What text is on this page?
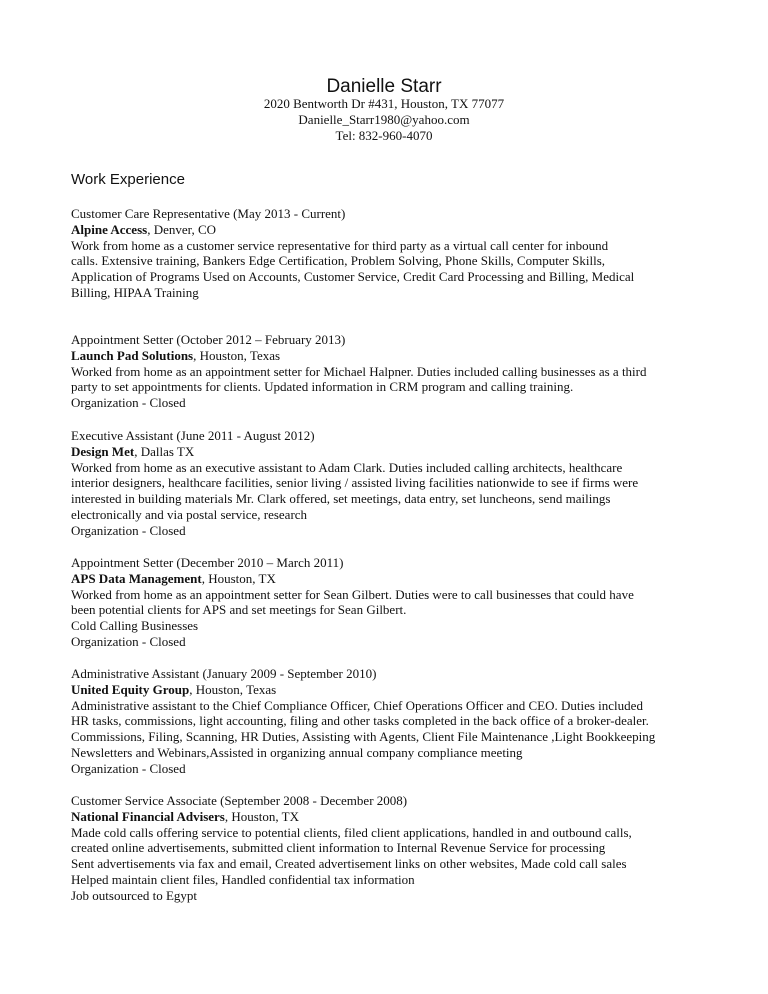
Danielle Starr
2020 Bentworth Dr #431, Houston, TX 77077
Danielle_Starr1980@yahoo.com
Tel: 832-960-4070
Work Experience
Customer Care Representative (May 2013 - Current)
Alpine Access, Denver, CO
Work from home as a customer service representative for third party as a virtual call center for inbound
calls. Extensive training, Bankers Edge Certification, Problem Solving, Phone Skills, Computer Skills,
Application of Programs Used on Accounts, Customer Service, Credit Card Processing and Billing, Medical
Billing, HIPAA Training
Appointment Setter (October 2012 – February 2013)
Launch Pad Solutions, Houston, Texas
Worked from home as an appointment setter for Michael Halpner. Duties included calling businesses as a third
party to set appointments for clients. Updated information in CRM program and calling training.
Organization - Closed
Executive Assistant (June 2011 - August 2012)
Design Met, Dallas TX
Worked from home as an executive assistant to Adam Clark. Duties included calling architects, healthcare
interior designers, healthcare facilities, senior living / assisted living facilities nationwide to see if firms were
interested in building materials Mr. Clark offered, set meetings, data entry, set luncheons, send mailings
electronically and via postal service, research
Organization - Closed
Appointment Setter (December 2010 – March 2011)
APS Data Management, Houston, TX
Worked from home as an appointment setter for Sean Gilbert. Duties were to call businesses that could have
been potential clients for APS and set meetings for Sean Gilbert.
Cold Calling Businesses
Organization - Closed
Administrative Assistant (January 2009 - September 2010)
United Equity Group, Houston, Texas
Administrative assistant to the Chief Compliance Officer, Chief Operations Officer and CEO. Duties included
HR tasks, commissions, light accounting, filing and other tasks completed in the back office of a broker-dealer.
Commissions, Filing, Scanning, HR Duties, Assisting with Agents, Client File Maintenance ,Light Bookkeeping
Newsletters and Webinars,Assisted in organizing annual company compliance meeting
Organization - Closed
Customer Service Associate (September 2008 - December 2008)
National Financial Advisers, Houston, TX
Made cold calls offering service to potential clients, filed client applications, handled in and outbound calls,
created online advertisements, submitted client information to Internal Revenue Service for processing
Sent advertisements via fax and email, Created advertisement links on other websites, Made cold call sales
Helped maintain client files, Handled confidential tax information
Job outsourced to Egypt
